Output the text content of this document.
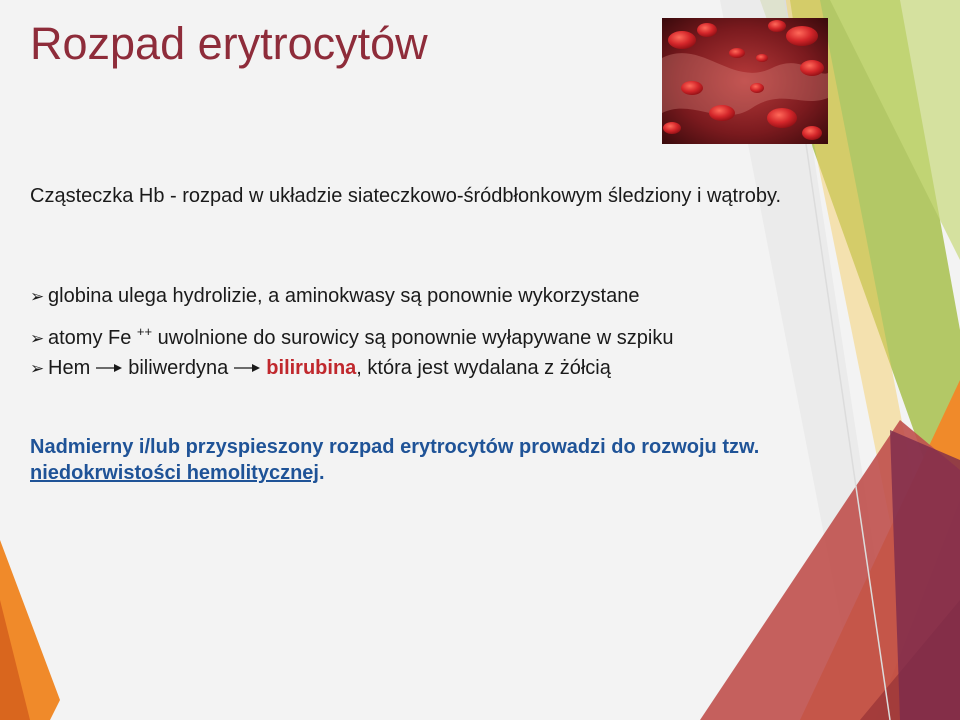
Rozpad erytrocytów

Cząsteczka Hb - rozpad w układzie siateczkowo-śródbłonkowym śledziony i wątroby.

➢ globina ulega hydrolizie, a aminokwasy są ponownie wykorzystane
➢ atomy Fe ++ uwolnione do surowicy są ponownie wyłapywane w szpiku
➢ Hem biliwerdyna bilirubina, która jest wydalana z żółcią

Nadmierny i/lub przyspieszony rozpad erytrocytów prowadzi do rozwoju tzw. niedokrwistości hemolitycznej.
